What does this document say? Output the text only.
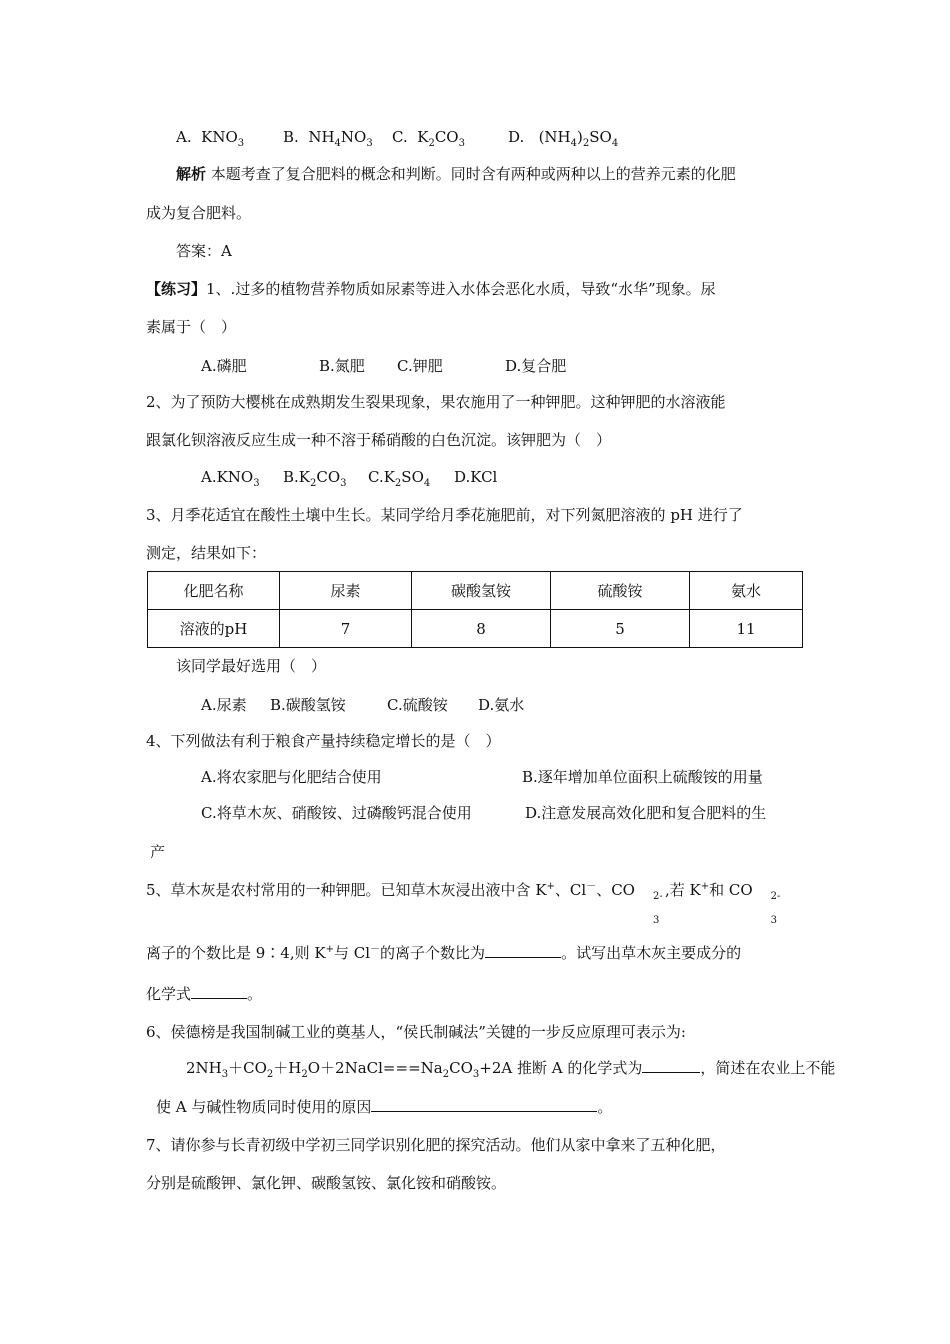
A.  $KNO_3$	B.  $NH_4NO_3$ C.  $K_2CO_3$	D.   $(NH_4)_2SO_4$
解析 本题考查了复合肥料的概念和判断。同时含有两种或两种以上的营养元素的化肥
成为复合肥料。
答案：A
【练习】1、.过多的植物营养物质如尿素等进入水体会恶化水质，导致“水华”现象。尿
素属于（　）
A.磷肥	B.氮肥 C.钾肥	D.复合肥
2、为了预防大樱桃在成熟期发生裂果现象，果农施用了一种钾肥。这种钾肥的水溶液能
跟氯化钡溶液反应生成一种不溶于稀硝酸的白色沉淀。该钾肥为（　）
$A.KNO_3$ $B.K_2CO_3$ $C.K_2SO_4$ D.KCl
3、月季花适宜在酸性土壤中生长。某同学给月季花施肥前，对下列氮肥溶液的 pH 进行了
测定，结果如下：
化肥名称	尿素	碳酸氢铵	硫酸铵	氨水
溶液的pH	7	8	5	11
该同学最好选用（　）
A.尿素 B.碳酸氢铵	C.硫酸铵 D.氨水
4、下列做法有利于粮食产量持续稳定增长的是（　）
A.将农家肥与化肥结合使用	B.逐年增加单位面积上硫酸铵的用量
C.将草木灰、硝酸铵、过磷酸钙混合使用	D.注意发展高效化肥和复合肥料的生
产
5、草木灰是农村常用的一种钾肥。已知草木灰浸出液中含 K+、Cl－、CO 2-
3
,若 K+和 CO 2-
3
离子的个数比是 9∶4,则 K+与 Cl－的离子个数比为	。试写出草木灰主要成分的
化学式	。
6、侯德榜是我国制碱工业的奠基人，“侯氏制碱法”关键的一步反应原理可表示为:
$2NH_3+CO_2+H_2O+2NaCl===Na_2CO_3+2A$ 推断 A 的化学式为	，简述在农业上不能
使 A 与碱性物质同时使用的原因	。
7、请你参与长青初级中学初三同学识别化肥的探究活动。他们从家中拿来了五种化肥，
分别是硫酸钾、氯化钾、碳酸氢铵、氯化铵和硝酸铵。
